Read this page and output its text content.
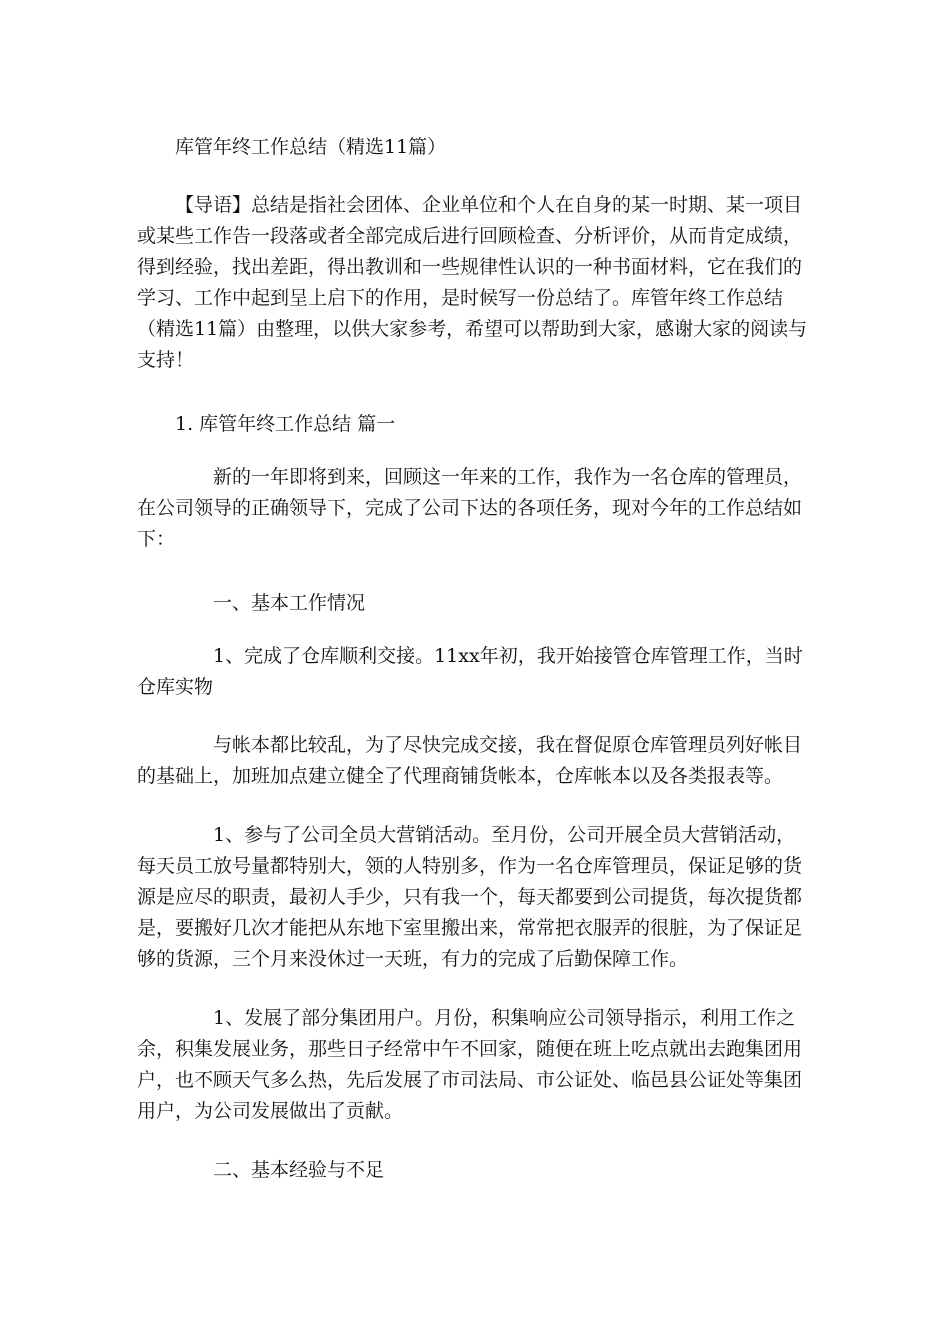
库管年终工作总结（精选11篇）

【导语】总结是指社会团体、企业单位和个人在自身的某一时期、某一项目
或某些工作告一段落或者全部完成后进行回顾检查、分析评价，从而肯定成绩，
得到经验，找出差距，得出教训和一些规律性认识的一种书面材料，它在我们的
学习、工作中起到呈上启下的作用，是时候写一份总结了。库管年终工作总结
（精选11篇）由整理，以供大家参考，希望可以帮助到大家，感谢大家的阅读与
支持！

1. 库管年终工作总结 篇一

新的一年即将到来，回顾这一年来的工作，我作为一名仓库的管理员，
在公司领导的正确领导下，完成了公司下达的各项任务，现对今年的工作总结如
下：

一、基本工作情况

1、完成了仓库顺利交接。11xx年初，我开始接管仓库管理工作，当时
仓库实物

与帐本都比较乱，为了尽快完成交接，我在督促原仓库管理员列好帐目
的基础上，加班加点建立健全了代理商铺货帐本，仓库帐本以及各类报表等。

1、参与了公司全员大营销活动。至月份，公司开展全员大营销活动，
每天员工放号量都特别大，领的人特别多，作为一名仓库管理员，保证足够的货
源是应尽的职责，最初人手少，只有我一个，每天都要到公司提货，每次提货都
是，要搬好几次才能把从东地下室里搬出来，常常把衣服弄的很脏，为了保证足
够的货源，三个月来没休过一天班，有力的完成了后勤保障工作。

1、发展了部分集团用户。月份，积集响应公司领导指示，利用工作之
余，积集发展业务，那些日子经常中午不回家，随便在班上吃点就出去跑集团用
户，也不顾天气多么热，先后发展了市司法局、市公证处、临邑县公证处等集团
用户，为公司发展做出了贡献。

二、基本经验与不足
